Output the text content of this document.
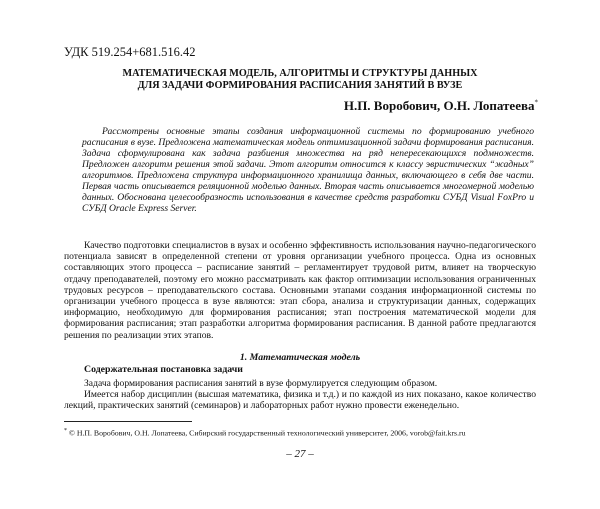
УДК 519.254+681.516.42
МАТЕМАТИЧЕСКАЯ МОДЕЛЬ, АЛГОРИТМЫ И СТРУКТУРЫ ДАННЫХ
ДЛЯ ЗАДАЧИ ФОРМИРОВАНИЯ РАСПИСАНИЯ ЗАНЯТИЙ В ВУЗЕ
Н.П. Воробович, О.Н. Лопатеева*

Рассмотрены основные этапы создания информационной системы по формированию учебного расписания в вузе. Предложена математическая модель оптимизационной задачи формирования расписания. Задача сформулирована как задача разбиения множества на ряд непересекающихся подмножеств. Предложен алгоритм решения этой задачи. Этот алгоритм относится к классу эвристических “жадных” алгоритмов. Предложена структура информационного хранилища данных, включающего в себя две части. Первая часть описывается реляционной моделью данных. Вторая часть описывается многомерной моделью данных. Обоснована целесообразность использования в качестве средств разработки СУБД Visual FoxPro и СУБД Oracle Express Server.

Качество подготовки специалистов в вузах и особенно эффективность использования научно-педагогического потенциала зависят в определенной степени от уровня организации учебного процесса. Одна из основных составляющих этого процесса – расписание занятий – регламентирует трудовой ритм, влияет на творческую отдачу преподавателей, поэтому его можно рассматривать как фактор оптимизации использования ограниченных трудовых ресурсов – преподавательского состава. Основными этапами создания информационной системы по организации учебного процесса в вузе являются: этап сбора, анализа и структуризации данных, содержащих информацию, необходимую для формирования расписания; этап построения математической модели для формирования расписания; этап разработки алгоритма формирования расписания. В данной работе предлагаются решения по реализации этих этапов.

1. Математическая модель
Содержательная постановка задачи

Задача формирования расписания занятий в вузе формулируется следующим образом.

Имеется набор дисциплин (высшая математика, физика и т.д.) и по каждой из них показано, какое количество лекций, практических занятий (семинаров) и лабораторных работ нужно провести еженедельно.

* © Н.П. Воробович, О.Н. Лопатеева, Сибирский государственный технологический университет, 2006, vorob@fait.krs.ru
– 27 –
